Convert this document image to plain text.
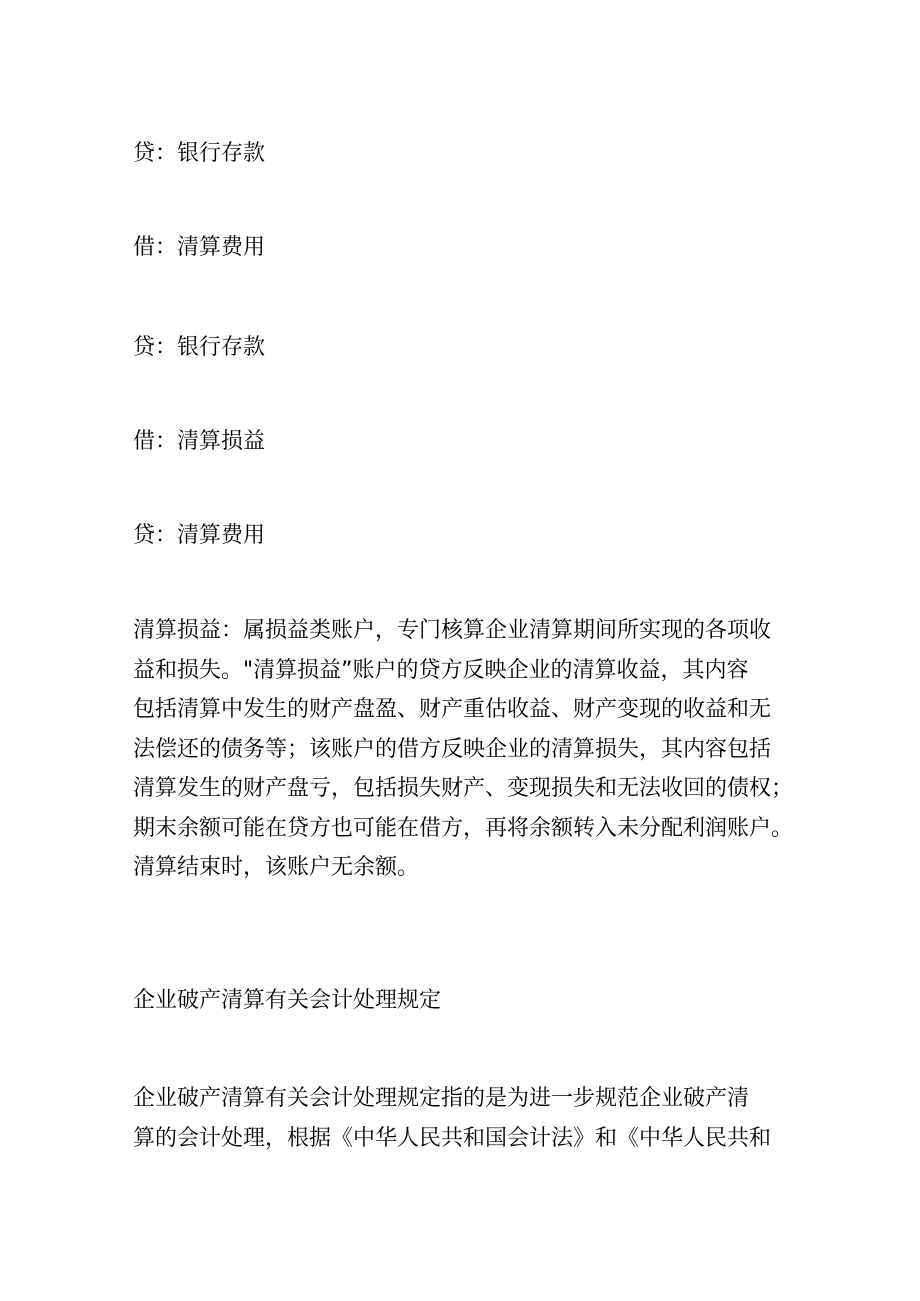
贷：银行存款
借：清算费用
贷：银行存款
借：清算损益
贷：清算费用
清算损益：属损益类账户，专门核算企业清算期间所实现的各项收
益和损失。"清算损益”账户的贷方反映企业的清算收益，其内容
包括清算中发生的财产盘盈、财产重估收益、财产变现的收益和无
法偿还的债务等；该账户的借方反映企业的清算损失，其内容包括
清算发生的财产盘亏，包括损失财产、变现损失和无法收回的债权；
期末余额可能在贷方也可能在借方，再将余额转入未分配利润账户。
清算结束时，该账户无余额。
企业破产清算有关会计处理规定
企业破产清算有关会计处理规定指的是为进一步规范企业破产清
算的会计处理，根据《中华人民共和国会计法》和《中华人民共和
